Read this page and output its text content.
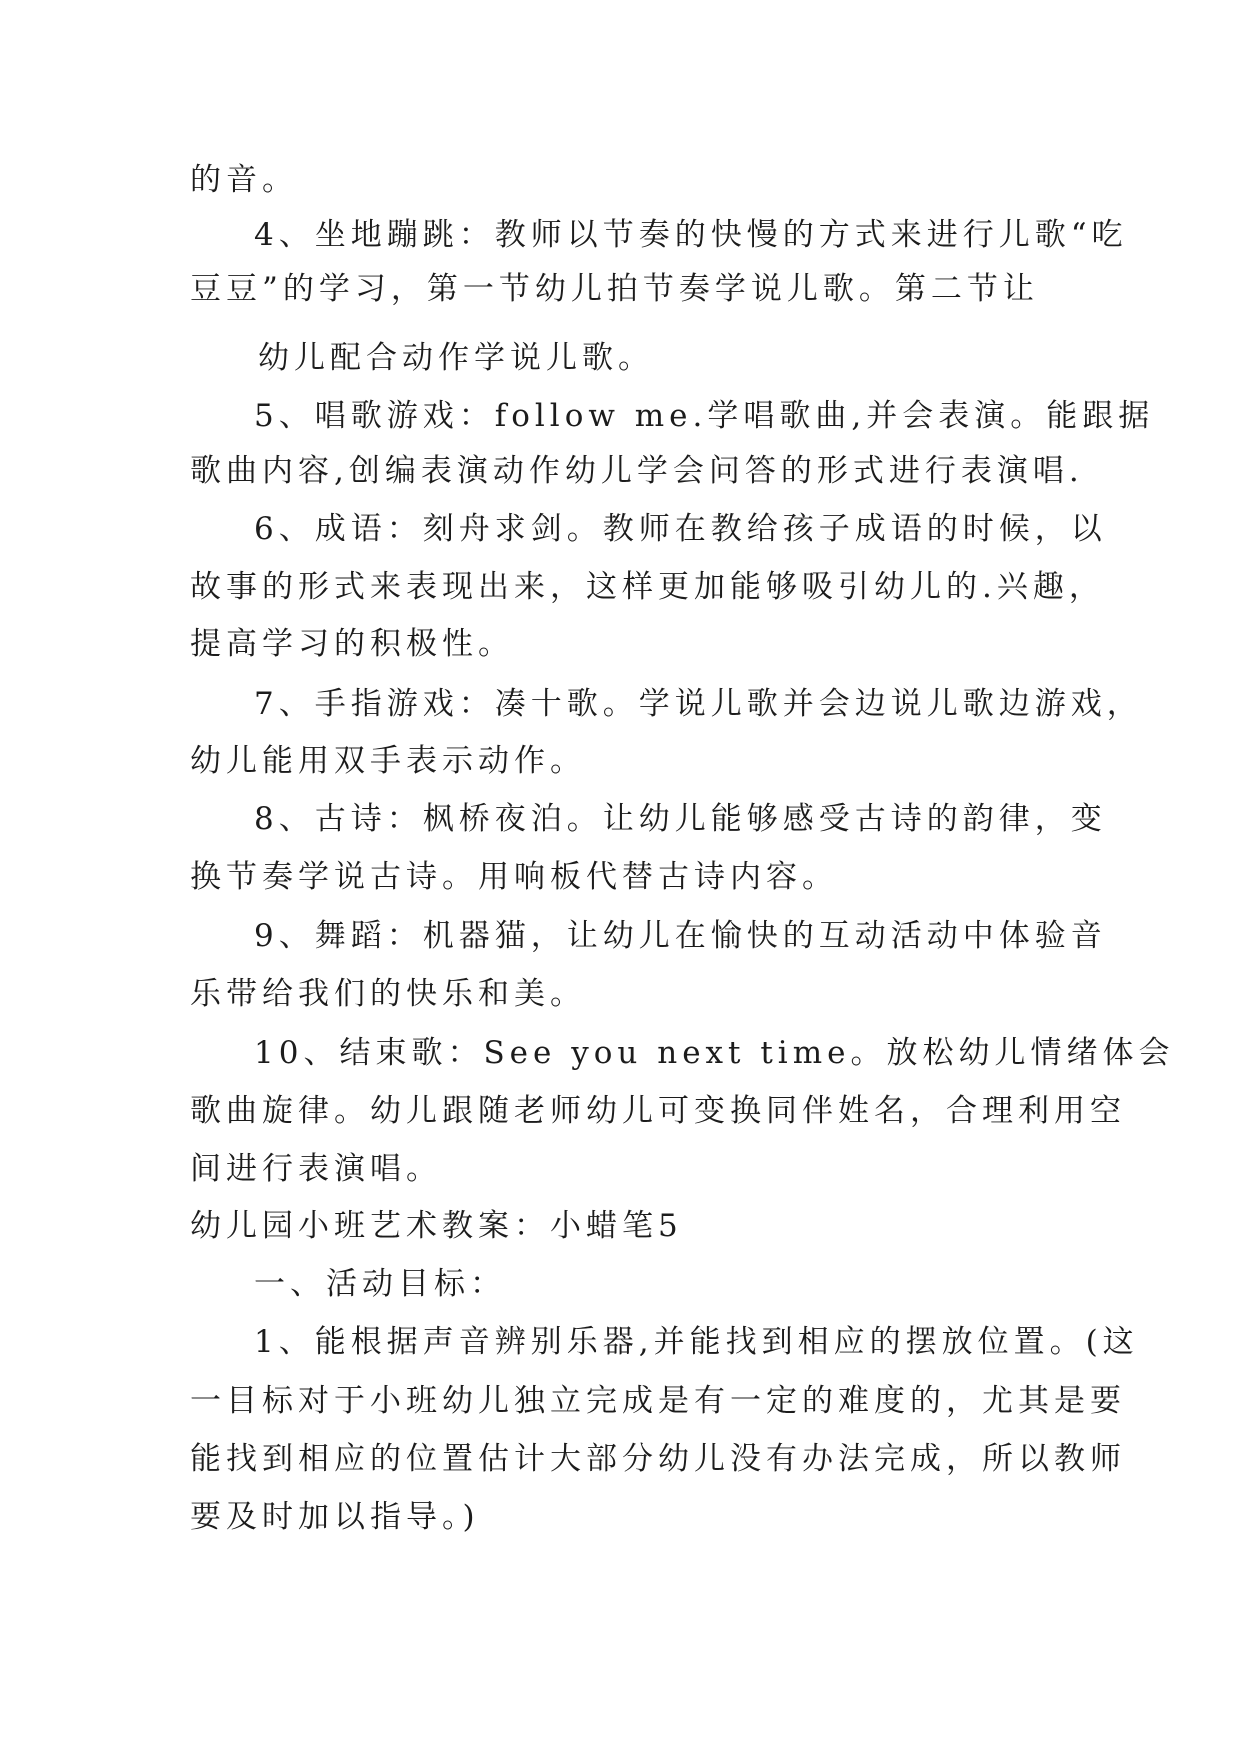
的音。
4、坐地蹦跳：教师以节奏的快慢的方式来进行儿歌“吃
豆豆”的学习，第一节幼儿拍节奏学说儿歌。第二节让
幼儿配合动作学说儿歌。
5、唱歌游戏：follow me.学唱歌曲,并会表演。能跟据
歌曲内容,创编表演动作幼儿学会问答的形式进行表演唱.
6、成语：刻舟求剑。教师在教给孩子成语的时候，以
故事的形式来表现出来，这样更加能够吸引幼儿的.兴趣，
提高学习的积极性。
7、手指游戏：凑十歌。学说儿歌并会边说儿歌边游戏，
幼儿能用双手表示动作。
8、古诗：枫桥夜泊。让幼儿能够感受古诗的韵律，变
换节奏学说古诗。用响板代替古诗内容。
9、舞蹈：机器猫，让幼儿在愉快的互动活动中体验音
乐带给我们的快乐和美。
10、结束歌：See you next time。放松幼儿情绪体会
歌曲旋律。幼儿跟随老师幼儿可变换同伴姓名，合理利用空
间进行表演唱。
幼儿园小班艺术教案：小蜡笔5
一、活动目标：
1、能根据声音辨别乐器,并能找到相应的摆放位置。(这
一目标对于小班幼儿独立完成是有一定的难度的，尤其是要
能找到相应的位置估计大部分幼儿没有办法完成，所以教师
要及时加以指导。)
